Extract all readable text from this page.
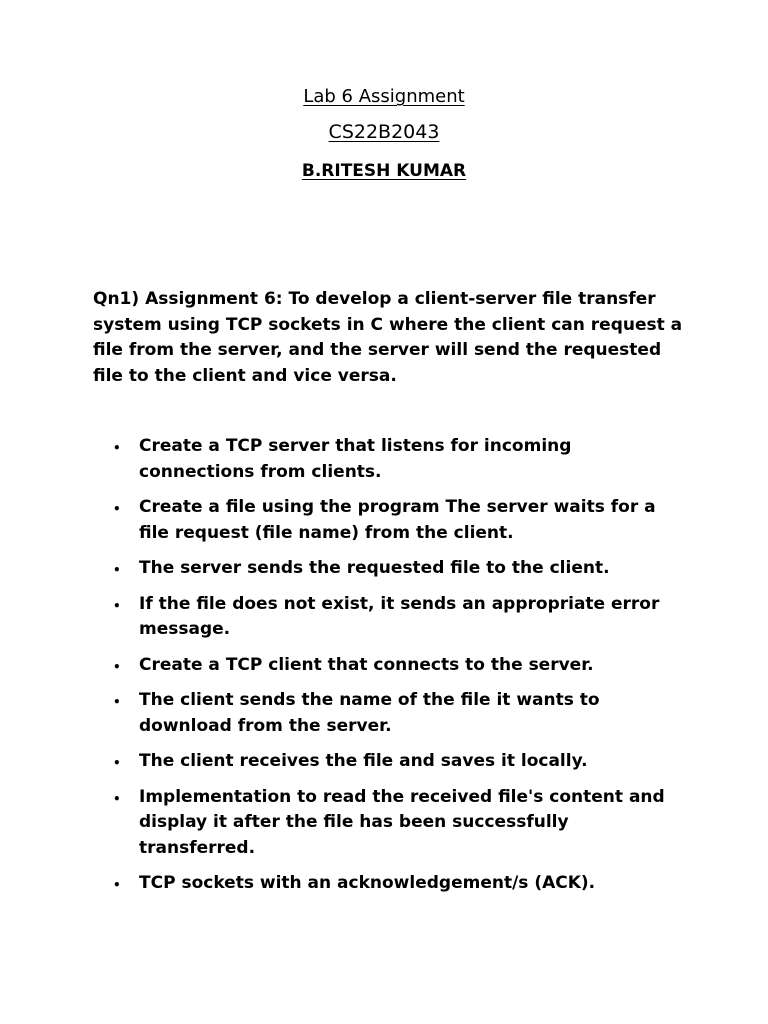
Lab 6 Assignment
CS22B2043
B.RITESH KUMAR
Qn1) Assignment 6: To develop a client-server file transfer system using TCP sockets in C where the client can request a file from the server, and the server will send the requested file to the client and vice versa.
• Create a TCP server that listens for incoming connections from clients.
• Create a file using the program The server waits for a file request (file name) from the client.
• The server sends the requested file to the client.
• If the file does not exist, it sends an appropriate error message.
• Create a TCP client that connects to the server.
• The client sends the name of the file it wants to download from the server.
• The client receives the file and saves it locally.
• Implementation to read the received file's content and display it after the file has been successfully transferred.
• TCP sockets with an acknowledgement/s (ACK).
